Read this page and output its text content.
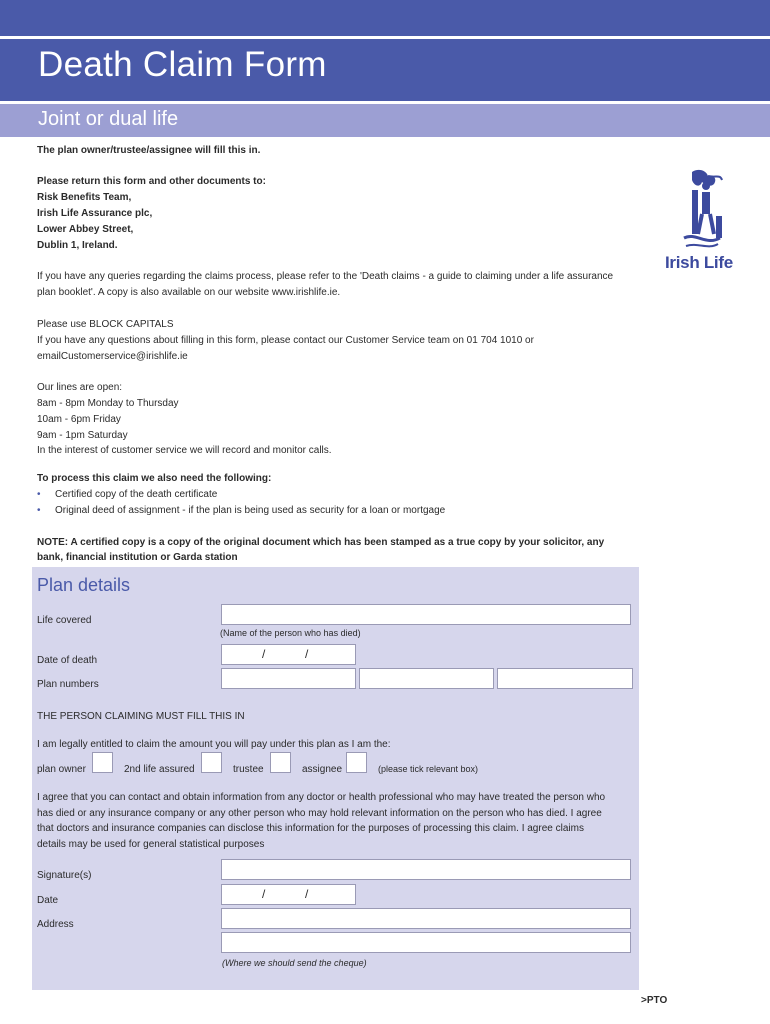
Death Claim Form
Joint or dual life
Irish Life
The plan owner/trustee/assignee will fill this in.
Please return this form and other documents to:
Risk Benefits Team,
Irish Life Assurance plc,
Lower Abbey Street,
Dublin 1, Ireland.
If you have any queries regarding the claims process, please refer to the 'Death claims - a guide to claiming under a life assurance
plan booklet'. A copy is also available on our website www.irishlife.ie.
Please use BLOCK CAPITALS
If you have any questions about filling in this form, please contact our Customer Service team on 01 704 1010 or
emailCustomerservice@irishlife.ie
Our lines are open:
8am - 8pm Monday to Thursday
10am - 6pm Friday
9am - 1pm Saturday
In the interest of customer service we will record and monitor calls.
To process this claim we also need the following:
• Certified copy of the death certificate
• Original deed of assignment - if the plan is being used as security for a loan or mortgage
NOTE: A certified copy is a copy of the original document which has been stamped as a true copy by your solicitor, any
bank, financial institution or Garda station
Plan details
Life covered
(Name of the person who has died)
Date of death	/	/
Plan numbers
THE PERSON CLAIMING MUST FILL THIS IN
I am legally entitled to claim the amount you will pay under this plan as I am the:
plan owner	2nd life assured	trustee	assignee	(please tick relevant box)
I agree that you can contact and obtain information from any doctor or health professional who may have treated the person who
has died or any insurance company or any other person who may hold relevant information on the person who has died. I agree
that doctors and insurance companies can disclose this information for the purposes of processing this claim. I agree claims
details may be used for general statistical purposes
Signature(s)
Date	/	/
Address
(Where we should send the cheque)
>PTO
